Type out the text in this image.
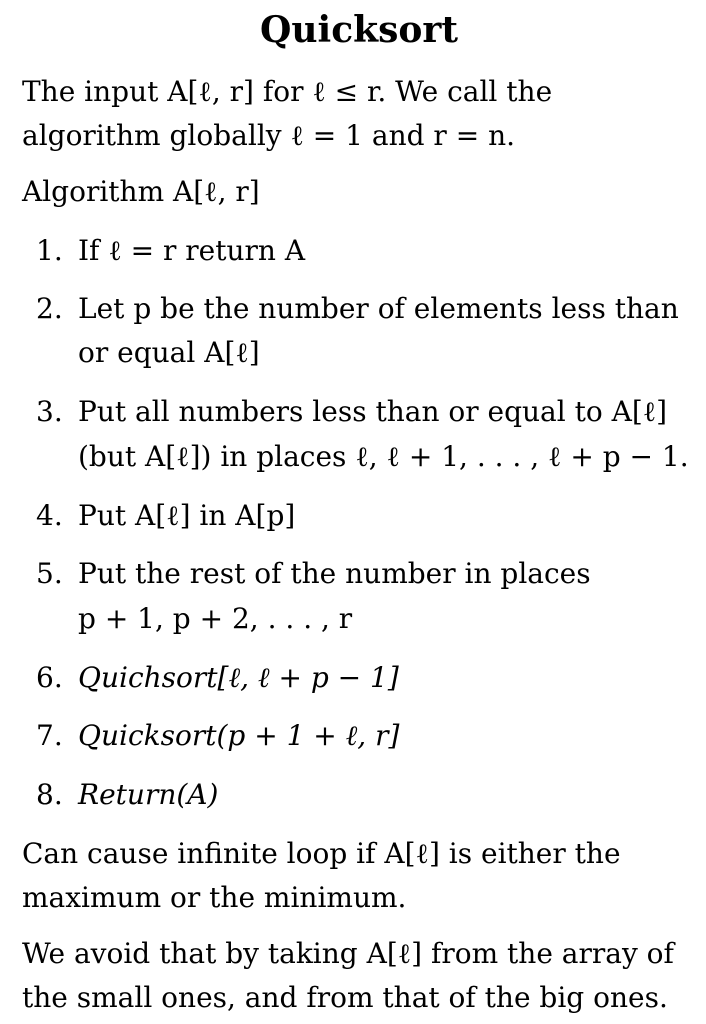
Quicksort
The input A[ℓ, r] for ℓ ≤ r. We call the
algorithm globally ℓ = 1 and r = n.
Algorithm A[ℓ, r]
1. If ℓ = r return A
2. Let p be the number of elements less than
or equal A[ℓ]
3. Put all numbers less than or equal to A[ℓ]
(but A[ℓ]) in places ℓ, ℓ + 1, . . . , ℓ + p − 1.
4. Put A[ℓ] in A[p]
5. Put the rest of the number in places
p + 1, p + 2, . . . , r
6. Quichsort[ℓ, ℓ + p − 1]
7. Quicksort(p + 1 + ℓ, r]
8. Return(A)
Can cause infinite loop if A[ℓ] is either the
maximum or the minimum.
We avoid that by taking A[ℓ] from the array of
the small ones, and from that of the big ones.
